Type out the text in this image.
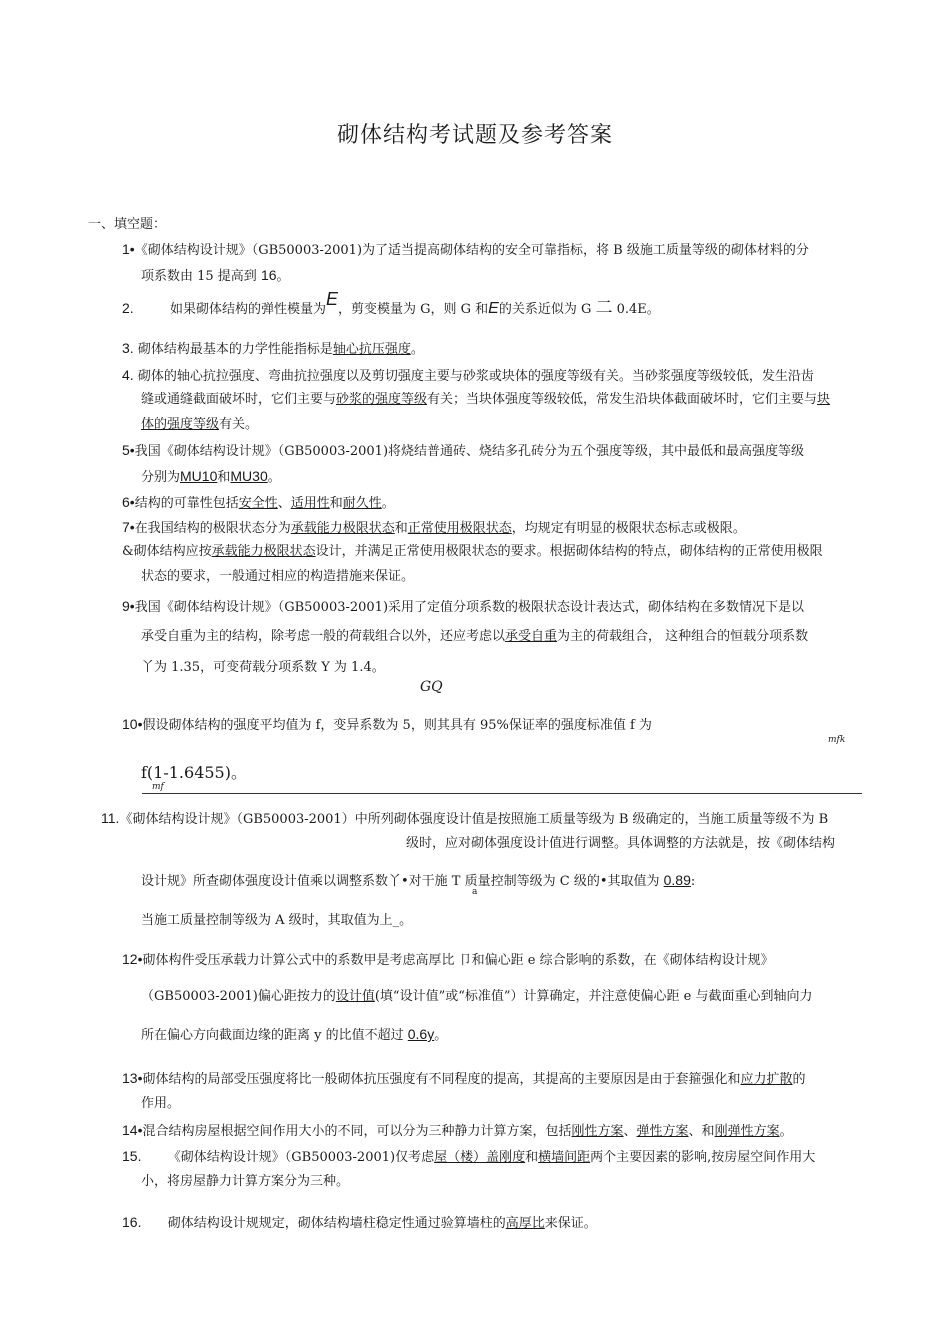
砌体结构考试题及参考答案
一、填空题：
1•《砌体结构设计规》（GB50003-2001)为了适当提高砌体结构的安全可靠指标，将 B 级施工质量等级的砌体材料的分
项系数由 15 提高到 16。
2.	如果砌体结构的弹性模量为E，剪变模量为 G，则 G 和E的关系近似为 G 二 0.4E。
3. 砌体结构最基本的力学性能指标是轴心抗压强度。
4. 砌体的轴心抗拉强度、弯曲抗拉强度以及剪切强度主要与砂浆或块体的强度等级有关。当砂浆强度等级较低，发生沿齿
缝或通缝截面破坏时，它们主要与砂浆的强度等级有关；当块体强度等级较低，常发生沿块体截面破坏时，它们主要与块
体的强度等级有关。
5•我国《砌体结构设计规》（GB50003-2001)将烧结普通砖、烧结多孔砖分为五个强度等级，其中最低和最高强度等级
分别为MU10和MU30。
6•结构的可靠性包括安全性、适用性和耐久性。
7•在我国结构的极限状态分为承载能力极限状态和正常使用极限状态，均规定有明显的极限状态标志或极限。
&砌体结构应按承载能力极限状态设计，并满足正常使用极限状态的要求。根据砌体结构的特点，砌体结构的正常使用极限
状态的要求，一般通过相应的构造措施来保证。
9•我国《砌体结构设计规》（GB50003-2001)采用了定值分项系数的极限状态设计表达式，砌体结构在多数情况下是以
承受自重为主的结构，除考虑一般的荷载组合以外，还应考虑以承受自重为主的荷载组合， 这种组合的恒载分项系数
丫为 1.35，可变荷载分项系数 Y 为 1.4。
GQ
10•假设砌体结构的强度平均值为 f，变异系数为 5，则其具有 95%保证率的强度标准值 f 为
mfk
f(1-1.6455)。
mf
11.《砌体结构设计规》（GB50003-2001）中所列砌体强度设计值是按照施工质量等级为 B 级确定的，当施工质量等级不为 B
级时，应对砌体强度设计值进行调整。具体调整的方法就是，按《砌体结构
设计规》所查砌体强度设计值乘以调整系数丫•对干施 T 质量控制等级为 C 级的•其取值为 0.89:
a
当施工质量控制等级为 A 级时，其取值为上_。
12•砌体构件受压承载力计算公式中的系数甲是考虑高厚比 卩和偏心距 e 综合影响的系数，在《砌体结构设计规》
（GB50003-2001)偏心距按力的设计值(填“设计值”或“标准值”）计算确定，并注意使偏心距 e 与截面重心到轴向力
所在偏心方向截面边缘的距离 y 的比值不超过 0.6y。
13•砌体结构的局部受压强度将比一般砌体抗压强度有不同程度的提高，其提高的主要原因是由于套箍强化和应力扩散的
作用。
14•混合结构房屋根据空间作用大小的不同，可以分为三种静力计算方案，包括刚性方案、弹性方案、和刚弹性方案。
15. 《砌体结构设计规》（GB50003-2001)仅考虑屋（楼）盖刚度和横墙间距两个主要因素的影响,按房屋空间作用大
小，将房屋静力计算方案分为三种。
16. 砌体结构设计规规定，砌体结构墙柱稳定性通过验算墙柱的高厚比来保证。
